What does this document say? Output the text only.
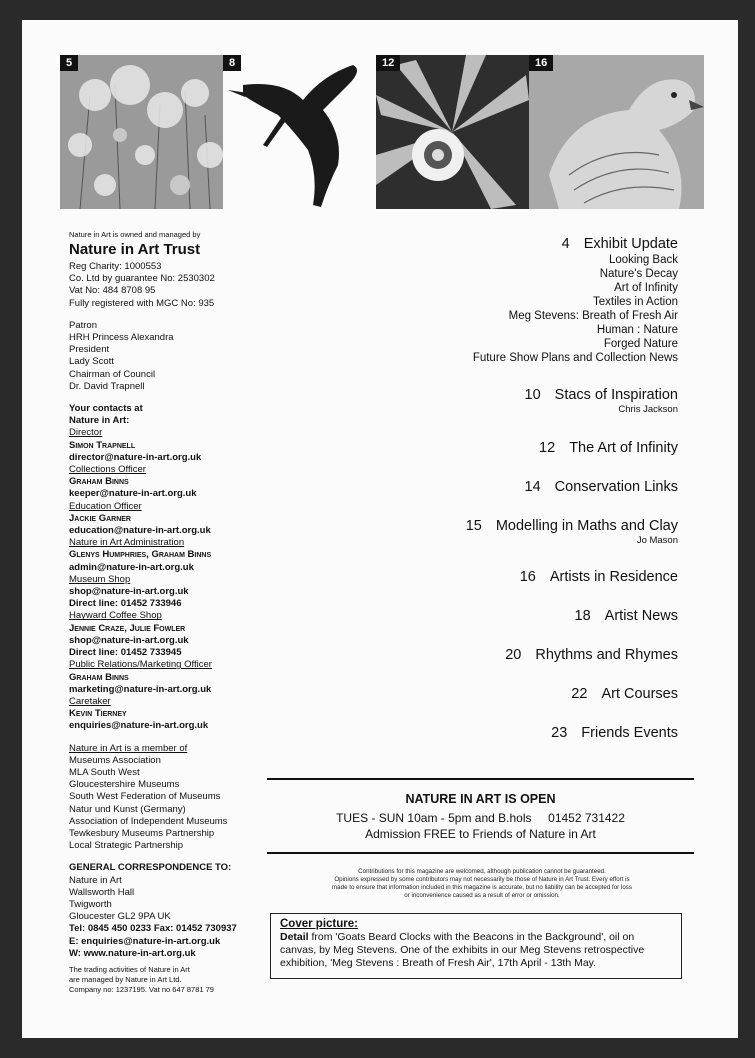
5	8	12	16
Nature in Art is owned and managed by
Nature in Art Trust
Reg Charity: 1000553
Co. Ltd by guarantee No: 2530302
Vat No: 484 8708 95
Fully registered with MGC No: 935
Patron
HRH Princess Alexandra
President
Lady Scott
Chairman of Council
Dr. David Trapnell
Your contacts at
Nature in Art:
Director
Simon Trapnell
director@nature-in-art.org.uk
Collections Officer
Graham Binns
keeper@nature-in-art.org.uk
Education Officer
Jackie Garner
education@nature-in-art.org.uk
Nature in Art Administration
Glenys Humphries, Graham Binns
admin@nature-in-art.org.uk
Museum Shop
shop@nature-in-art.org.uk
Direct line: 01452 733946
Hayward Coffee Shop
Jennie Craze, Julie Fowler
shop@nature-in-art.org.uk
Direct line: 01452 733945
Public Relations/Marketing Officer
Graham Binns
marketing@nature-in-art.org.uk
Caretaker
Kevin Tierney
enquiries@nature-in-art.org.uk
Nature in Art is a member of
Museums Association
MLA South West
Gloucestershire Museums
South West Federation of Museums
Natur und Kunst (Germany)
Association of Independent Museums
Tewkesbury Museums Partnership
Local Strategic Partnership
GENERAL CORRESPONDENCE TO:
Nature in Art
Wallsworth Hall
Twigworth
Gloucester GL2 9PA UK
Tel: 0845 450 0233 Fax: 01452 730937
E: enquiries@nature-in-art.org.uk
W: www.nature-in-art.org.uk
The trading activities of Nature in Art
are managed by Nature in Art Ltd.
Company no: 1237195. Vat no 647 8781 79
4 Exhibit Update
Looking Back
Nature's Decay
Art of Infinity
Textiles in Action
Meg Stevens: Breath of Fresh Air
Human : Nature
Forged Nature
Future Show Plans and Collection News
10 Stacs of Inspiration
Chris Jackson
12 The Art of Infinity
14 Conservation Links
15 Modelling in Maths and Clay
Jo Mason
16 Artists in Residence
18 Artist News
20 Rhythms and Rhymes
22 Art Courses
23 Friends Events
NATURE IN ART IS OPEN
TUES - SUN 10am - 5pm and B.hols 01452 731422
Admission FREE to Friends of Nature in Art
Contributions for this magazine are welcomed, although publication cannot be guaranteed.
Opinions expressed by some contributors may not necessarily be those of Nature in Art Trust. Every effort is
made to ensure that information included in this magazine is accurate, but no liability can be accepted for loss
or inconvenience caused as a result of error or omission.
Cover picture:
Detail from 'Goats Beard Clocks with the Beacons in the Background', oil on canvas, by Meg Stevens. One of the exhibits in our Meg Stevens retrospective exhibition, 'Meg Stevens : Breath of Fresh Air', 17th April - 13th May.
